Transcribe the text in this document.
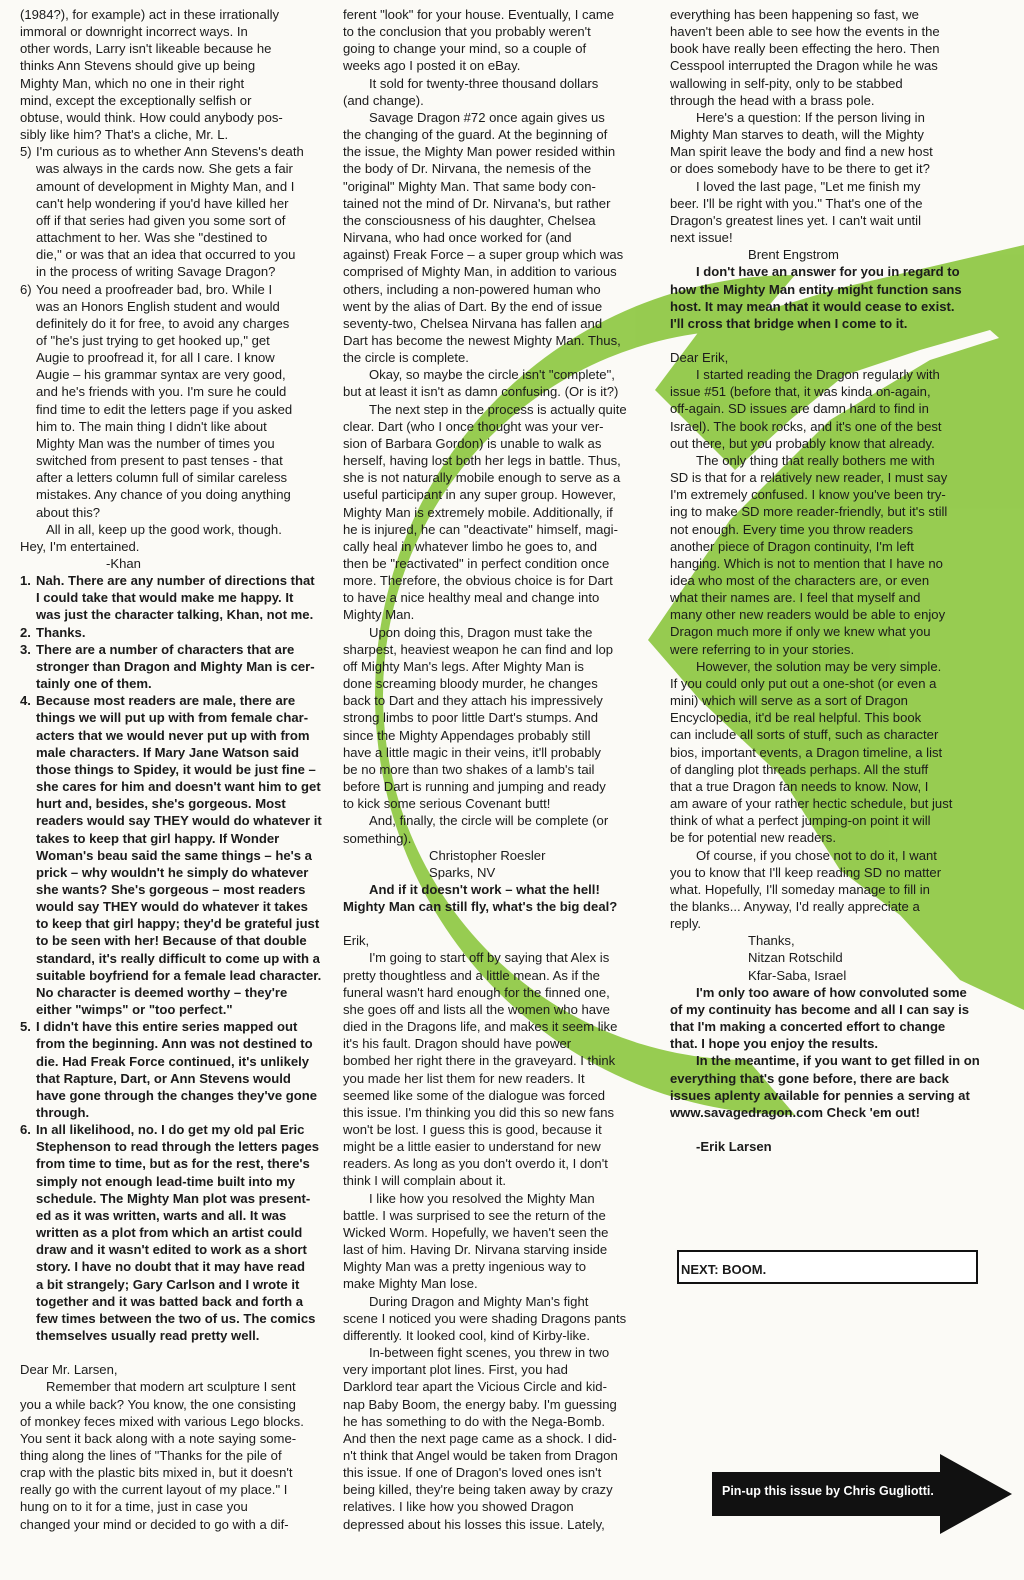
(1984?), for example) act in these irrationally
immoral or downright incorrect ways. In
other words, Larry isn't likeable because he
thinks Ann Stevens should give up being
Mighty Man, which no one in their right
mind, except the exceptionally selfish or
obtuse, would think. How could anybody pos-
sibly like him? That's a cliche, Mr. L.
5) I'm curious as to whether Ann Stevens's death
was always in the cards now. She gets a fair
amount of development in Mighty Man, and I
can't help wondering if you'd have killed her
off if that series had given you some sort of
attachment to her. Was she "destined to
die," or was that an idea that occurred to you
in the process of writing Savage Dragon?
6) You need a proofreader bad, bro. While I
was an Honors English student and would
definitely do it for free, to avoid any charges
of "he's just trying to get hooked up," get
Augie to proofread it, for all I care. I know
Augie – his grammar syntax are very good,
and he's friends with you. I'm sure he could
find time to edit the letters page if you asked
him to. The main thing I didn't like about
Mighty Man was the number of times you
switched from present to past tenses - that
after a letters column full of similar careless
mistakes. Any chance of you doing anything
about this?
All in all, keep up the good work, though.
Hey, I'm entertained.
-Khan
1. Nah. There are any number of directions that
I could take that would make me happy. It
was just the character talking, Khan, not me.
2. Thanks.
3. There are a number of characters that are
stronger than Dragon and Mighty Man is cer-
tainly one of them.
4. Because most readers are male, there are
things we will put up with from female char-
acters that we would never put up with from
male characters. If Mary Jane Watson said
those things to Spidey, it would be just fine –
she cares for him and doesn't want him to get
hurt and, besides, she's gorgeous. Most
readers would say THEY would do whatever it
takes to keep that girl happy. If Wonder
Woman's beau said the same things – he's a
prick – why wouldn't he simply do whatever
she wants? She's gorgeous – most readers
would say THEY would do whatever it takes
to keep that girl happy; they'd be grateful just
to be seen with her! Because of that double
standard, it's really difficult to come up with a
suitable boyfriend for a female lead character.
No character is deemed worthy – they're
either "wimps" or "too perfect."
5. I didn't have this entire series mapped out
from the beginning. Ann was not destined to
die. Had Freak Force continued, it's unlikely
that Rapture, Dart, or Ann Stevens would
have gone through the changes they've gone
through.
6. In all likelihood, no. I do get my old pal Eric
Stephenson to read through the letters pages
from time to time, but as for the rest, there's
simply not enough lead-time built into my
schedule. The Mighty Man plot was present-
ed as it was written, warts and all. It was
written as a plot from which an artist could
draw and it wasn't edited to work as a short
story. I have no doubt that it may have read
a bit strangely; Gary Carlson and I wrote it
together and it was batted back and forth a
few times between the two of us. The comics
themselves usually read pretty well.
Dear Mr. Larsen,
Remember that modern art sculpture I sent
you a while back? You know, the one consisting
of monkey feces mixed with various Lego blocks.
You sent it back along with a note saying some-
thing along the lines of "Thanks for the pile of
crap with the plastic bits mixed in, but it doesn't
really go with the current layout of my place." I
hung on to it for a time, just in case you
changed your mind or decided to go with a dif-
ferent "look" for your house. Eventually, I came
to the conclusion that you probably weren't
going to change your mind, so a couple of
weeks ago I posted it on eBay.
It sold for twenty-three thousand dollars
(and change).
Savage Dragon #72 once again gives us
the changing of the guard. At the beginning of
the issue, the Mighty Man power resided within
the body of Dr. Nirvana, the nemesis of the
"original" Mighty Man. That same body con-
tained not the mind of Dr. Nirvana's, but rather
the consciousness of his daughter, Chelsea
Nirvana, who had once worked for (and
against) Freak Force – a super group which was
comprised of Mighty Man, in addition to various
others, including a non-powered human who
went by the alias of Dart. By the end of issue
seventy-two, Chelsea Nirvana has fallen and
Dart has become the newest Mighty Man. Thus,
the circle is complete.
Okay, so maybe the circle isn't "complete",
but at least it isn't as damn confusing. (Or is it?)
The next step in the process is actually quite
clear. Dart (who I once thought was your ver-
sion of Barbara Gordon) is unable to walk as
herself, having lost both her legs in battle. Thus,
she is not naturally mobile enough to serve as a
useful participant in any super group. However,
Mighty Man is extremely mobile. Additionally, if
he is injured, he can "deactivate" himself, magi-
cally heal in whatever limbo he goes to, and
then be "reactivated" in perfect condition once
more. Therefore, the obvious choice is for Dart
to have a nice healthy meal and change into
Mighty Man.
Upon doing this, Dragon must take the
sharpest, heaviest weapon he can find and lop
off Mighty Man's legs. After Mighty Man is
done screaming bloody murder, he changes
back to Dart and they attach his impressively
strong limbs to poor little Dart's stumps. And
since the Mighty Appendages probably still
have a little magic in their veins, it'll probably
be no more than two shakes of a lamb's tail
before Dart is running and jumping and ready
to kick some serious Covenant butt!
And, finally, the circle will be complete (or
something).
Christopher Roesler
Sparks, NV
And if it doesn't work – what the hell!
Mighty Man can still fly, what's the big deal?
Erik,
I'm going to start off by saying that Alex is
pretty thoughtless and a little mean. As if the
funeral wasn't hard enough for the finned one,
she goes off and lists all the women who have
died in the Dragons life, and makes it seem like
it's his fault. Dragon should have power
bombed her right there in the graveyard. I think
you made her list them for new readers. It
seemed like some of the dialogue was forced
this issue. I'm thinking you did this so new fans
won't be lost. I guess this is good, because it
might be a little easier to understand for new
readers. As long as you don't overdo it, I don't
think I will complain about it.
I like how you resolved the Mighty Man
battle. I was surprised to see the return of the
Wicked Worm. Hopefully, we haven't seen the
last of him. Having Dr. Nirvana starving inside
Mighty Man was a pretty ingenious way to
make Mighty Man lose.
During Dragon and Mighty Man's fight
scene I noticed you were shading Dragons pants
differently. It looked cool, kind of Kirby-like.
In-between fight scenes, you threw in two
very important plot lines. First, you had
Darklord tear apart the Vicious Circle and kid-
nap Baby Boom, the energy baby. I'm guessing
he has something to do with the Nega-Bomb.
And then the next page came as a shock. I did-
n't think that Angel would be taken from Dragon
this issue. If one of Dragon's loved ones isn't
being killed, they're being taken away by crazy
relatives. I like how you showed Dragon
depressed about his losses this issue. Lately,
everything has been happening so fast, we
haven't been able to see how the events in the
book have really been effecting the hero. Then
Cesspool interrupted the Dragon while he was
wallowing in self-pity, only to be stabbed
through the head with a brass pole.
Here's a question: If the person living in
Mighty Man starves to death, will the Mighty
Man spirit leave the body and find a new host
or does somebody have to be there to get it?
I loved the last page, "Let me finish my
beer. I'll be right with you." That's one of the
Dragon's greatest lines yet. I can't wait until
next issue!
Brent Engstrom
I don't have an answer for you in regard to
how the Mighty Man entity might function sans
host. It may mean that it would cease to exist.
I'll cross that bridge when I come to it.
Dear Erik,
I started reading the Dragon regularly with
issue #51 (before that, it was kinda on-again,
off-again. SD issues are damn hard to find in
Israel). The book rocks, and it's one of the best
out there, but you probably know that already.
The only thing that really bothers me with
SD is that for a relatively new reader, I must say
I'm extremely confused. I know you've been try-
ing to make SD more reader-friendly, but it's still
not enough. Every time you throw readers
another piece of Dragon continuity, I'm left
hanging. Which is not to mention that I have no
idea who most of the characters are, or even
what their names are. I feel that myself and
many other new readers would be able to enjoy
Dragon much more if only we knew what you
were referring to in your stories.
However, the solution may be very simple.
If you could only put out a one-shot (or even a
mini) which will serve as a sort of Dragon
Encyclopedia, it'd be real helpful. This book
can include all sorts of stuff, such as character
bios, important events, a Dragon timeline, a list
of dangling plot threads perhaps. All the stuff
that a true Dragon fan needs to know. Now, I
am aware of your rather hectic schedule, but just
think of what a perfect jumping-on point it will
be for potential new readers.
Of course, if you chose not to do it, I want
you to know that I'll keep reading SD no matter
what. Hopefully, I'll someday manage to fill in
the blanks... Anyway, I'd really appreciate a
reply.
Thanks,
Nitzan Rotschild
Kfar-Saba, Israel
I'm only too aware of how convoluted some
of my continuity has become and all I can say is
that I'm making a concerted effort to change
that. I hope you enjoy the results.
In the meantime, if you want to get filled in on
everything that's gone before, there are back
issues aplenty available for pennies a serving at
www.savagedragon.com Check 'em out!
-Erik Larsen
NEXT: BOOM.
Pin-up this issue by Chris Gugliotti.
